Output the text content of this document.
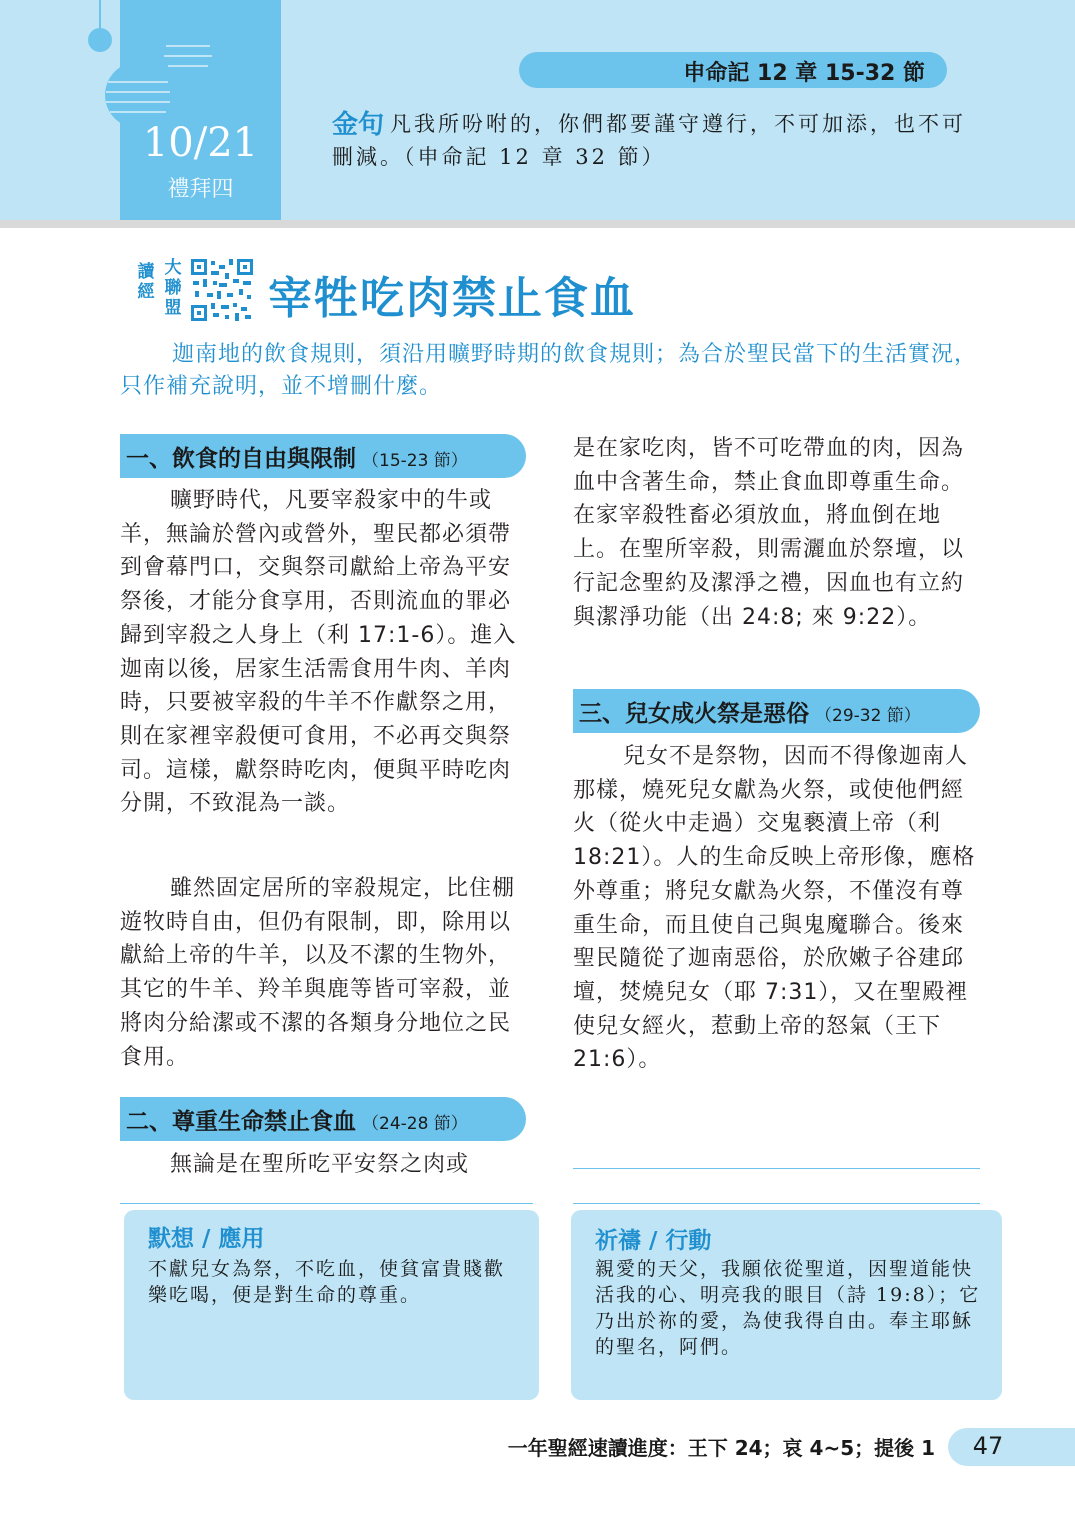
10/21
禮拜四
申命記 12 章 15-32 節
金句 凡我所吩咐的，你們都要謹守遵行，不可加添，也不可刪減。（申命記 12 章 32 節）
讀經
大聯盟 宰牲吃肉禁止食血
迦南地的飲食規則，須沿用曠野時期的飲食規則；為合於聖民當下的生活實況，只作補充說明，並不增刪什麼。
一、飲食的自由與限制 （15-23 節）
曠野時代，凡要宰殺家中的牛或羊，無論於營內或營外，聖民都必須帶到會幕門口，交與祭司獻給上帝為平安祭後，才能分食享用，否則流血的罪必歸到宰殺之人身上（利 17:1-6）。進入迦南以後，居家生活需食用牛肉、羊肉時，只要被宰殺的牛羊不作獻祭之用，則在家裡宰殺便可食用，不必再交與祭司。這樣，獻祭時吃肉，便與平時吃肉分開，不致混為一談。
雖然固定居所的宰殺規定，比住棚遊牧時自由，但仍有限制，即，除用以獻給上帝的牛羊，以及不潔的生物外，其它的牛羊、羚羊與鹿等皆可宰殺，並將肉分給潔或不潔的各類身分地位之民食用。
二、尊重生命禁止食血 （24-28 節）
無論是在聖所吃平安祭之肉或
是在家吃肉，皆不可吃帶血的肉，因為血中含著生命，禁止食血即尊重生命。在家宰殺牲畜必須放血，將血倒在地上。在聖所宰殺，則需灑血於祭壇，以行記念聖約及潔淨之禮，因血也有立約與潔淨功能（出 24:8; 來 9:22）。
三、兒女成火祭是惡俗 （29-32 節）
兒女不是祭物，因而不得像迦南人那樣，燒死兒女獻為火祭，或使他們經火（從火中走過）交鬼褻瀆上帝（利 18:21）。人的生命反映上帝形像，應格外尊重；將兒女獻為火祭，不僅沒有尊重生命，而且使自己與鬼魔聯合。後來聖民隨從了迦南惡俗，於欣嫩子谷建邱壇，焚燒兒女（耶 7:31），又在聖殿裡使兒女經火，惹動上帝的怒氣（王下 21:6）。
默想 / 應用
不獻兒女為祭，不吃血，使貧富貴賤歡樂吃喝，便是對生命的尊重。
祈禱 / 行動
親愛的天父，我願依從聖道，因聖道能快活我的心、明亮我的眼目（詩 19:8）；它乃出於祢的愛，為使我得自由。奉主耶穌的聖名，阿們。
一年聖經速讀進度：王下 24；哀 4~5；提後 1	47
